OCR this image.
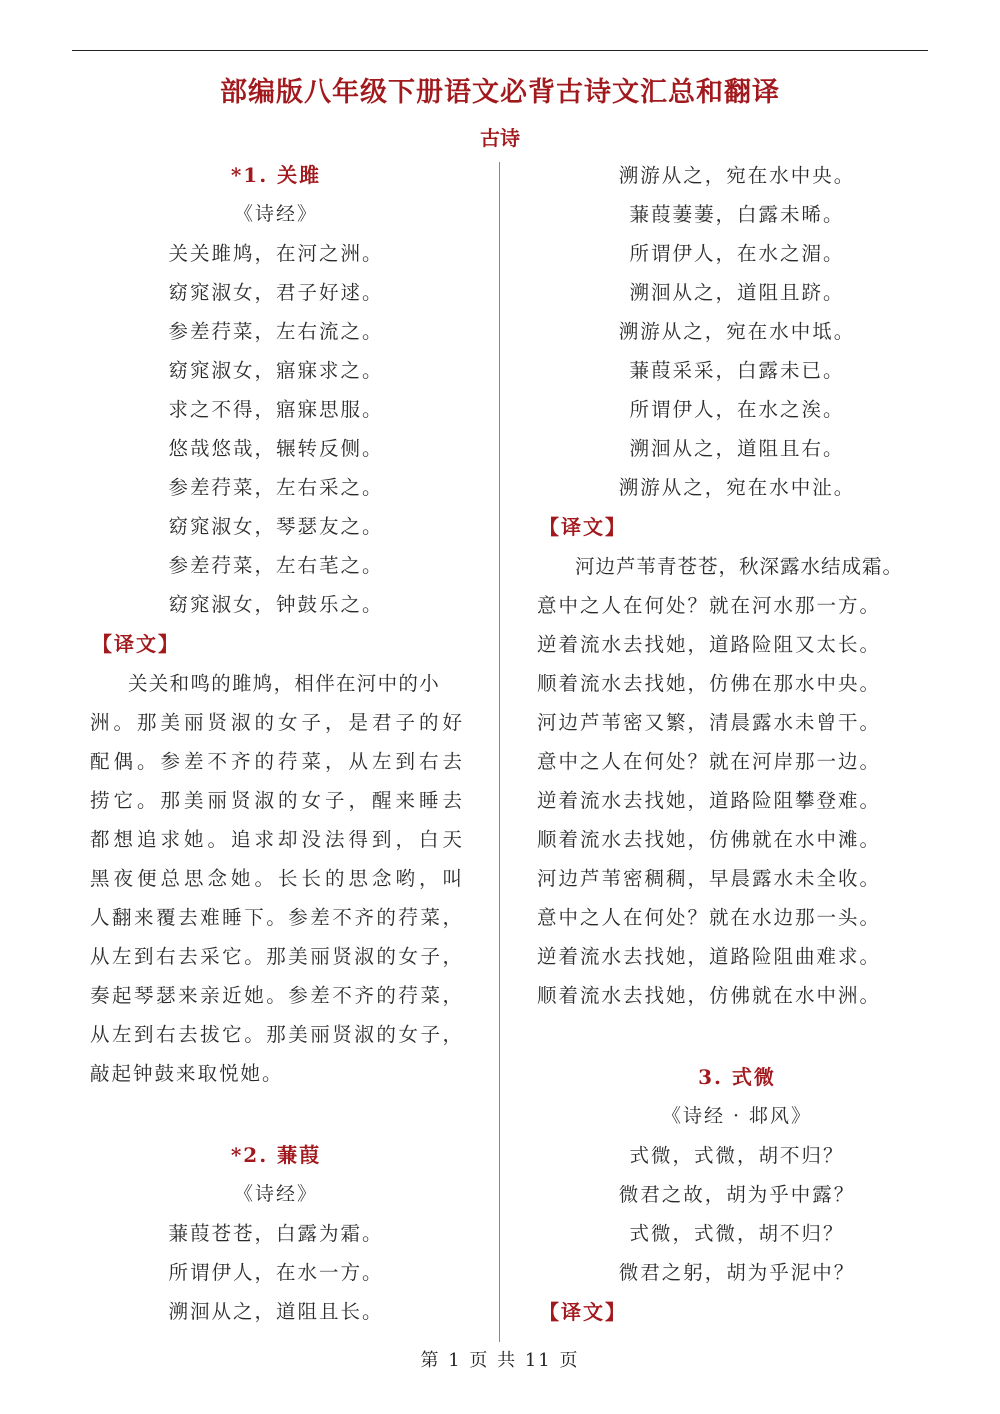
部编版八年级下册语文必背古诗文汇总和翻译
古诗
*1. 关雎
《诗经》
关关雎鸠，在河之洲。
窈窕淑女，君子好逑。
参差荇菜，左右流之。
窈窕淑女，寤寐求之。
求之不得，寤寐思服。
悠哉悠哉，辗转反侧。
参差荇菜，左右采之。
窈窕淑女，琴瑟友之。
参差荇菜，左右芼之。
窈窕淑女，钟鼓乐之。
【译文】
关关和鸣的雎鸠，相伴在河中的小
洲。那美丽贤淑的女子，是君子的好
配偶。参差不齐的荇菜，从左到右去
捞它。那美丽贤淑的女子，醒来睡去
都想追求她。追求却没法得到，白天
黑夜便总思念她。长长的思念哟，叫
人翻来覆去难睡下。参差不齐的荇菜，
从左到右去采它。那美丽贤淑的女子，
奏起琴瑟来亲近她。参差不齐的荇菜，
从左到右去拔它。那美丽贤淑的女子，
敲起钟鼓来取悦她。
*2. 蒹葭
《诗经》
蒹葭苍苍，白露为霜。
所谓伊人，在水一方。
溯洄从之，道阻且长。
溯游从之，宛在水中央。
蒹葭萋萋，白露未晞。
所谓伊人，在水之湄。
溯洄从之，道阻且跻。
溯游从之，宛在水中坻。
蒹葭采采，白露未已。
所谓伊人，在水之涘。
溯洄从之，道阻且右。
溯游从之，宛在水中沚。
【译文】
河边芦苇青苍苍，秋深露水结成霜。
意中之人在何处？就在河水那一方。
逆着流水去找她，道路险阻又太长。
顺着流水去找她，仿佛在那水中央。
河边芦苇密又繁，清晨露水未曾干。
意中之人在何处？就在河岸那一边。
逆着流水去找她，道路险阻攀登难。
顺着流水去找她，仿佛就在水中滩。
河边芦苇密稠稠，早晨露水未全收。
意中之人在何处？就在水边那一头。
逆着流水去找她，道路险阻曲难求。
顺着流水去找她，仿佛就在水中洲。
3. 式微
《诗经 · 邶风》
式微，式微，胡不归？
微君之故，胡为乎中露？
式微，式微，胡不归？
微君之躬，胡为乎泥中？
【译文】
第 1 页 共 11 页
